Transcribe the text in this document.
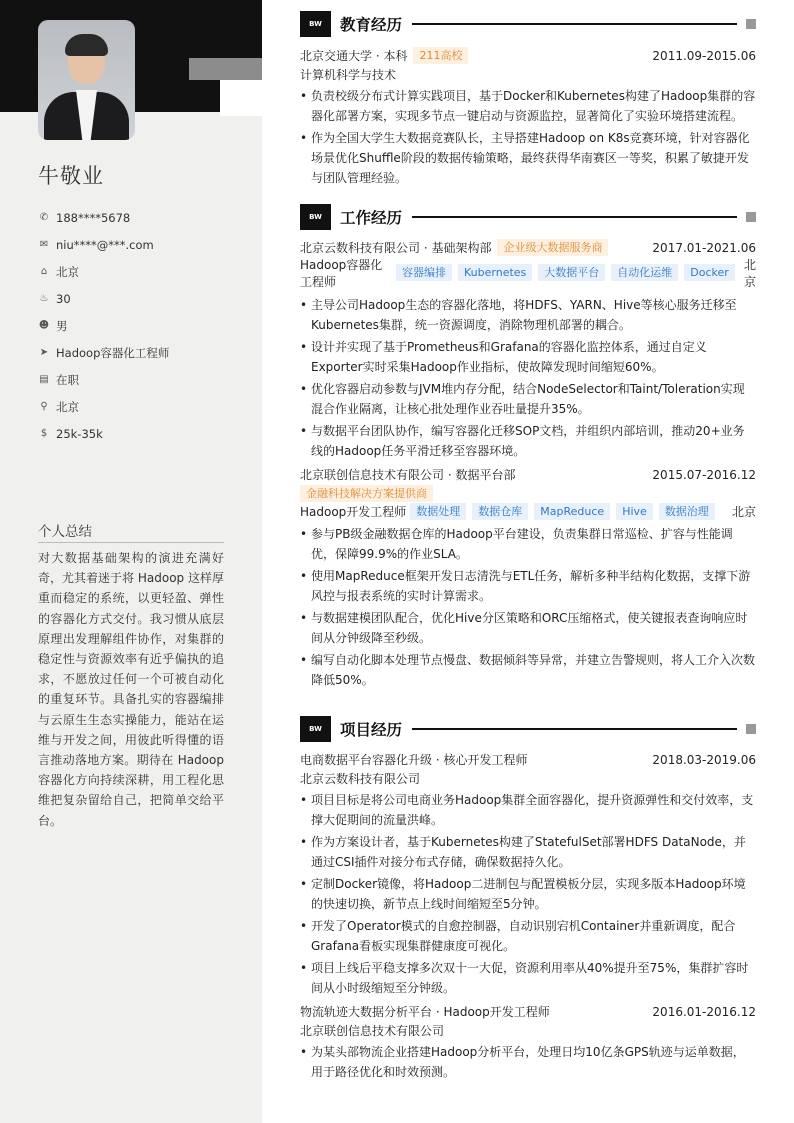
牛敬业
✆ 188****5678
✉ niu****@***.com
⌂ 北京
♨ 30
☻ 男
➤ Hadoop容器化工程师
▤ 在职
⚲ 北京
$ 25k-35k
个人总结
对大数据基础架构的演进充满好奇，尤其着迷于将 Hadoop 这样厚重而稳定的系统，以更轻盈、弹性的容器化方式交付。我习惯从底层原理出发理解组件协作，对集群的稳定性与资源效率有近乎偏执的追求，不愿放过任何一个可被自动化的重复环节。具备扎实的容器编排与云原生生态实操能力，能站在运维与开发之间，用彼此听得懂的语言推动落地方案。期待在 Hadoop 容器化方向持续深耕，用工程化思维把复杂留给自己，把简单交给平台。
BW	教育经历
北京交通大学 · 本科	211高校	2011.09-2015.06
计算机科学与技术
• 负责校级分布式计算实践项目，基于Docker和Kubernetes构建了Hadoop集群的容器化部署方案，实现多节点一键启动与资源监控，显著简化了实验环境搭建流程。
• 作为全国大学生大数据竞赛队长，主导搭建Hadoop on K8s竞赛环境，针对容器化场景优化Shuffle阶段的数据传输策略，最终获得华南赛区一等奖，积累了敏捷开发与团队管理经验。
BW	工作经历
北京云数科技有限公司 · 基础架构部	企业级大数据服务商	2017.01-2021.06
Hadoop容器化工程师
容器编排	Kubernetes	大数据平台	自动化运维	Docker
北京
• 主导公司Hadoop生态的容器化落地，将HDFS、YARN、Hive等核心服务迁移至Kubernetes集群，统一资源调度，消除物理机部署的耦合。
• 设计并实现了基于Prometheus和Grafana的容器化监控体系，通过自定义Exporter实时采集Hadoop作业指标，使故障发现时间缩短60%。
• 优化容器启动参数与JVM堆内存分配，结合NodeSelector和Taint/Toleration实现混合作业隔离，让核心批处理作业吞吐量提升35%。
• 与数据平台团队协作，编写容器化迁移SOP文档，并组织内部培训，推动20+业务线的Hadoop任务平滑迁移至容器环境。
北京联创信息技术有限公司 · 数据平台部	2015.07-2016.12
金融科技解决方案提供商
Hadoop开发工程师 数据处理	数据仓库	MapReduce	Hive	数据治理	北京
• 参与PB级金融数据仓库的Hadoop平台建设，负责集群日常巡检、扩容与性能调优，保障99.9%的作业SLA。
• 使用MapReduce框架开发日志清洗与ETL任务，解析多种半结构化数据，支撑下游风控与报表系统的实时计算需求。
• 与数据建模团队配合，优化Hive分区策略和ORC压缩格式，使关键报表查询响应时间从分钟级降至秒级。
• 编写自动化脚本处理节点慢盘、数据倾斜等异常，并建立告警规则，将人工介入次数降低50%。
BW	项目经历
电商数据平台容器化升级 · 核心开发工程师	2018.03-2019.06
北京云数科技有限公司
• 项目目标是将公司电商业务Hadoop集群全面容器化，提升资源弹性和交付效率，支撑大促期间的流量洪峰。
• 作为方案设计者，基于Kubernetes构建了StatefulSet部署HDFS DataNode，并通过CSI插件对接分布式存储，确保数据持久化。
• 定制Docker镜像，将Hadoop二进制包与配置模板分层，实现多版本Hadoop环境的快速切换，新节点上线时间缩短至5分钟。
• 开发了Operator模式的自愈控制器，自动识别宕机Container并重新调度，配合Grafana看板实现集群健康度可视化。
• 项目上线后平稳支撑多次双十一大促，资源利用率从40%提升至75%，集群扩容时间从小时级缩短至分钟级。
物流轨迹大数据分析平台 · Hadoop开发工程师	2016.01-2016.12
北京联创信息技术有限公司
• 为某头部物流企业搭建Hadoop分析平台，处理日均10亿条GPS轨迹与运单数据，用于路径优化和时效预测。
